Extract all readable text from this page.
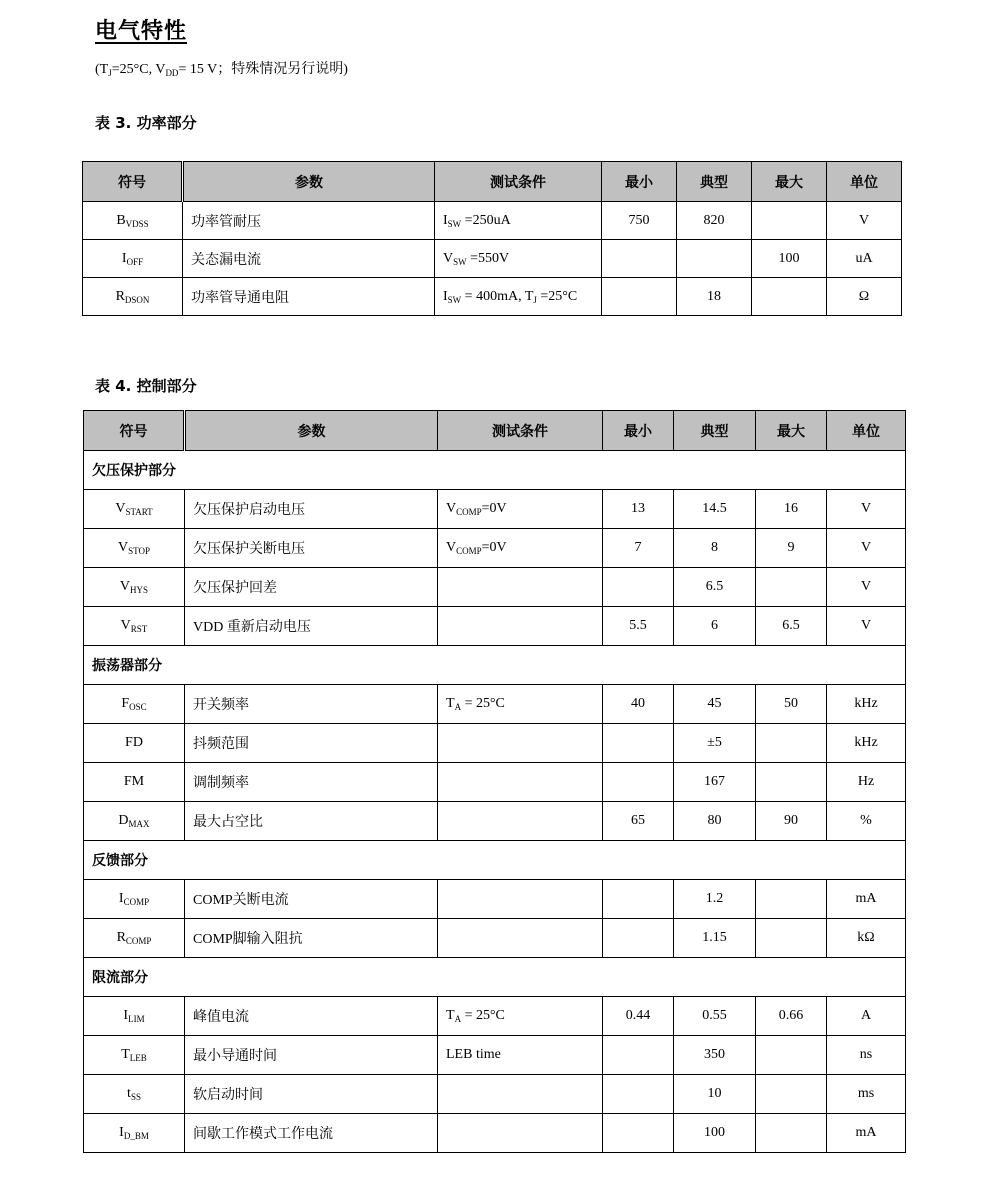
电气特性
($T_J=25^\circ C$, $V_{DD}= 15$ V；特殊情况另行说明)
表 3. 功率部分
符号	参数	测试条件	最小	典型	最大	单位
$B_{VDSS}$	功率管耐压	$I_{SW} =250uA$	750	820		V
$I_{OFF}$	关态漏电流	$V_{SW} =550V$			100	uA
$R_{DSON}$	功率管导通电阻	$I_{SW} = 400mA$, $T_J =25^\circ C$		18		Ω
表 4. 控制部分
符号	参数	测试条件	最小	典型	最大	单位
欠压保护部分						
$V_{START}$	欠压保护启动电压	$V_{COMP}=0V$	13	14.5	16	V
$V_{STOP}$	欠压保护关断电压	$V_{COMP}=0V$	7	8	9	V
$V_{HYS}$	欠压保护回差			6.5		V
$V_{RST}$	VDD 重新启动电压		5.5	6	6.5	V
振荡器部分						
$F_{OSC}$	开关频率	$T_A = 25^\circ C$	40	45	50	kHz
FD	抖频范围			±5		kHz
FM	调制频率			167		Hz
$D_{MAX}$	最大占空比		65	80	90	%
反馈部分						
$I_{COMP}$	COMP关断电流			1.2		mA
$R_{COMP}$	COMP脚输入阻抗			1.15		kΩ
限流部分						
$I_{LIM}$	峰值电流	$T_A = 25^\circ C$	0.44	0.55	0.66	A
$T_{LEB}$	最小导通时间	LEB time		350		ns
$t_{SS}$	软启动时间			10		ms
$I_{D\_BM}$	间歇工作模式工作电流			100		mA
